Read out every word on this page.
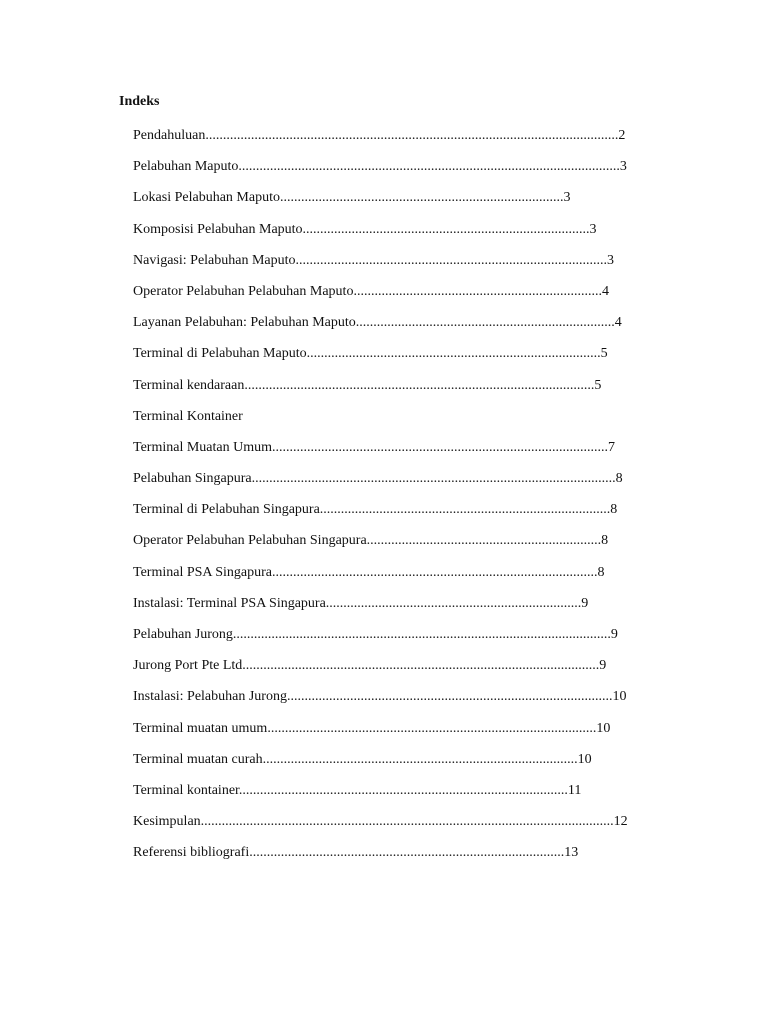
Indeks
Pendahuluan......................................................................................................................2
Pelabuhan Maputo.............................................................................................................3
Lokasi Pelabuhan Maputo.................................................................................3
Komposisi Pelabuhan Maputo..................................................................................3
Navigasi: Pelabuhan Maputo.........................................................................................3
Operator Pelabuhan Pelabuhan Maputo.......................................................................4
Layanan Pelabuhan: Pelabuhan Maputo..........................................................................4
Terminal di Pelabuhan Maputo....................................................................................5
Terminal kendaraan....................................................................................................5
Terminal Kontainer
Terminal Muatan Umum................................................................................................7
Pelabuhan Singapura........................................................................................................8
Terminal di Pelabuhan Singapura...................................................................................8
Operator Pelabuhan Pelabuhan Singapura...................................................................8
Terminal PSA Singapura.............................................................................................8
Instalasi: Terminal PSA Singapura.........................................................................9
Pelabuhan Jurong............................................................................................................9
Jurong Port Pte Ltd......................................................................................................9
Instalasi: Pelabuhan Jurong.............................................................................................10
Terminal muatan umum..............................................................................................10
Terminal muatan curah..........................................................................................10
Terminal kontainer..............................................................................................11
Kesimpulan......................................................................................................................12
Referensi bibliografi..........................................................................................13
